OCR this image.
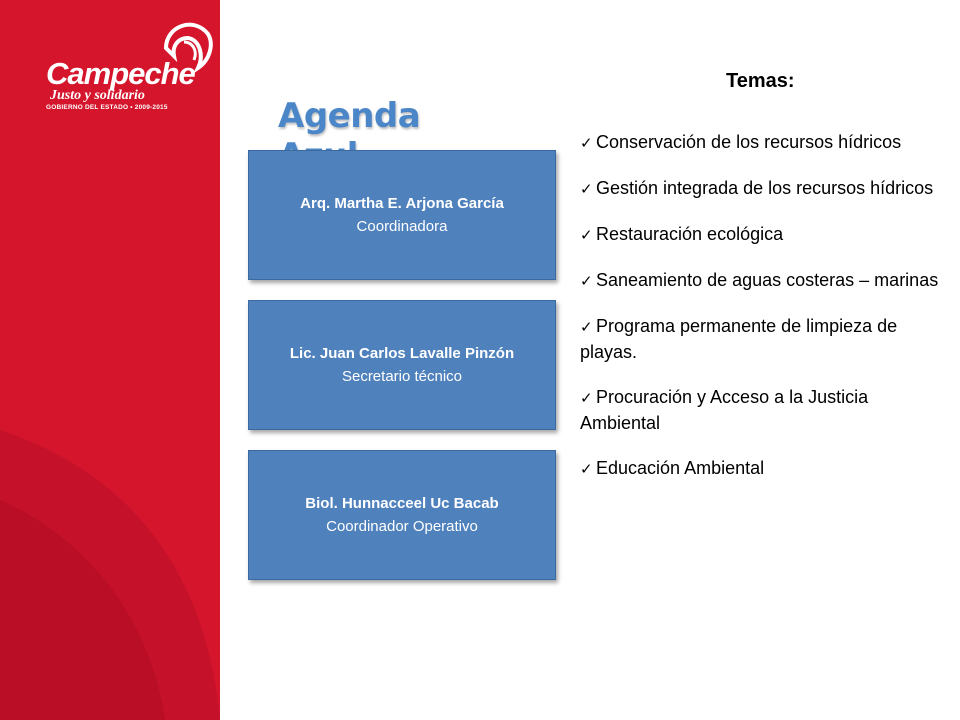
Campeche
Justo y solidario
GOBIERNO DEL ESTADO • 2009-2015	Agenda
Arq. Martha E. Arjona García
Coordinadora
Lic. Juan Carlos Lavalle Pinzón
Secretario técnico
Biol. Hunnacceel Uc Bacab
Coordinador Operativo
Temas:
✓ Conservación de los recursos hídricos
✓ Gestión integrada de los recursos hídricos
✓ Restauración ecológica
✓ Saneamiento de aguas costeras – marinas
✓ Programa permanente de limpieza de playas.
✓ Procuración y Acceso a la Justicia Ambiental
✓ Educación Ambiental
